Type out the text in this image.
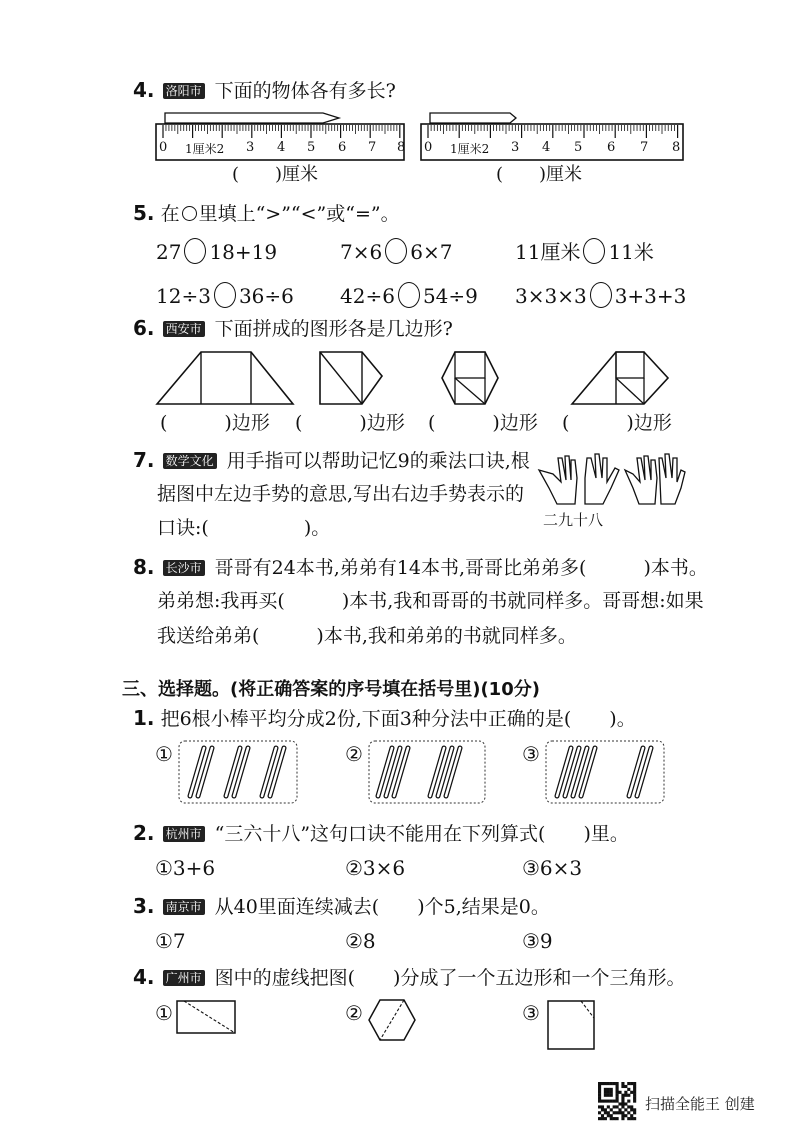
4. 洛阳市 下面的物体各有多长?
0 1厘米2 3 4 5 6 7 8 0 1厘米2 3 4 5 6 7 8
(　　)厘米	(　　)厘米
5. 在 里填上“>”“<”或“=”。
27 18+19	7×6 6×7	11厘米 11米
12÷3 36÷6 42÷6 54÷9 3×3×3 3+3+3
6. 西安市 下面拼成的图形各是几边形?
(　　　)边形 (　　　)边形 (　　　)边形 (　　　)边形
7. 数学文化 用手指可以帮助记忆9的乘法口诀,根
据图中左边手势的意思,写出右边手势表示的
口诀:(　　　　　)。	二九十八
8. 长沙市 哥哥有24本书,弟弟有14本书,哥哥比弟弟多(　　　)本书。
弟弟想:我再买(　　　)本书,我和哥哥的书就同样多。哥哥想:如果
我送给弟弟(　　　)本书,我和弟弟的书就同样多。
三、选择题。(将正确答案的序号填在括号里)(10分)
1. 把6根小棒平均分成2份,下面3种分法中正确的是(　　)。
①	②	③
2. 杭州市 “三六十八”这句口诀不能用在下列算式(　　)里。
①3+6	②3×6	③6×3
3. 南京市 从40里面连续减去(　　)个5,结果是0。
①7	②8	③9
4. 广州市 图中的虚线把图(　　)分成了一个五边形和一个三角形。
①	②	③
扫描全能王 创建
